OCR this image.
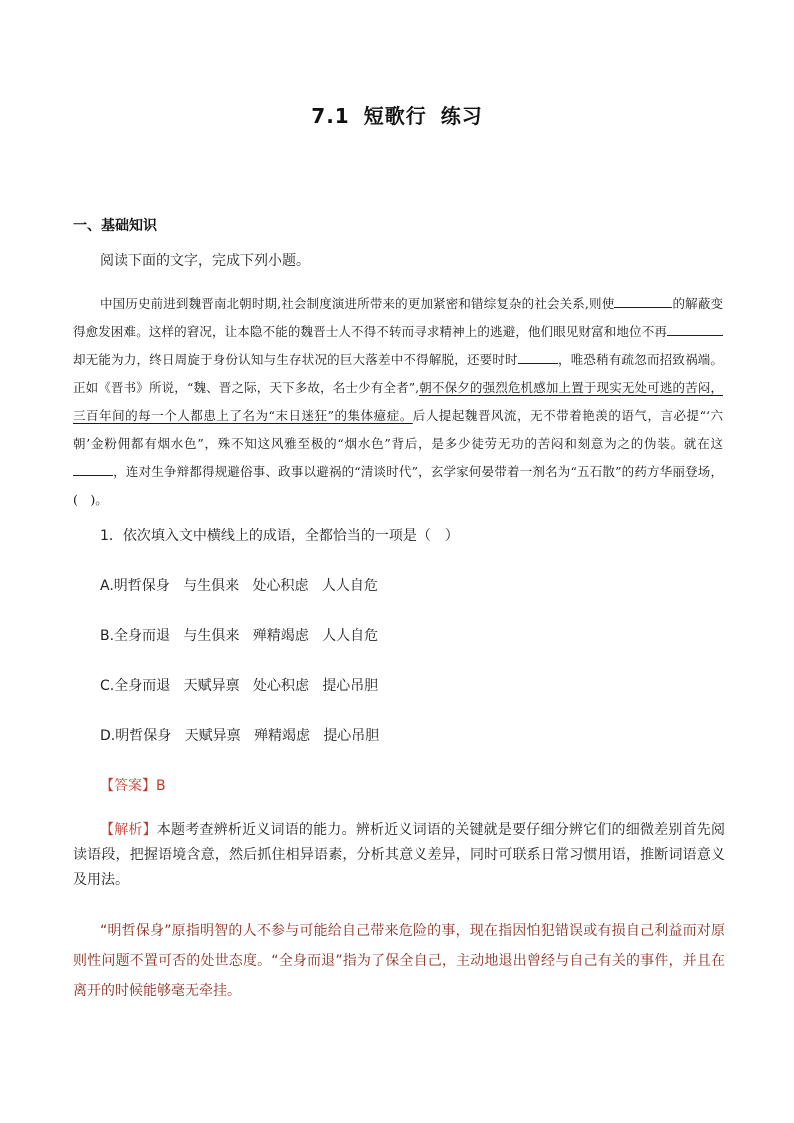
7.1 短歌行 练习
一、基础知识
阅读下面的文字，完成下列小题。
中国历史前进到魏晋南北朝时期,社会制度演进所带来的更加紧密和错综复杂的社会关系,则使	的解蔽变得愈发困难。这样的窘况，让本隐不能的魏晋士人不得不转而寻求精神上的逃避，他们眼见财富和地位不再却无能为力，终日周旋于身份认知与生存状况的巨大落差中不得解脱，还要时时	，唯恐稍有疏忽而招致祸端。正如《晋书》所说，“魏、晋之际，天下多故，名士少有全者”,朝不保夕的强烈危机感加上置于现实无处可逃的苦闷，三百年间的每一个人都患上了名为“末日迷狂”的集体癔症。后人提起魏晋风流，无不带着艳羡的语气，言必提“‘六朝’金粉佣都有烟水色”，殊不知这风雅至极的“烟水色”背后，是多少徒劳无功的苦闷和刻意为之的伪装。就在这，连对生争辩都得规避俗事、政事以避祸的“清谈时代”，玄学家何晏带着一剂名为“五石散”的药方华丽登场，(　)。
1．依次填入文中横线上的成语，全都恰当的一项是（　）
A.明哲保身 与生俱来 处心积虑 人人自危
B.全身而退 与生俱来 殚精竭虑 人人自危
C.全身而退 天赋异禀 处心积虑 提心吊胆
D.明哲保身 天赋异禀 殚精竭虑 提心吊胆
【答案】B
【解析】本题考查辨析近义词语的能力。辨析近义词语的关键就是要仔细分辨它们的细微差别首先阅读语段，把握语境含意，然后抓住相异语素，分析其意义差异，同时可联系日常习惯用语，推断词语意义及用法。
“明哲保身”原指明智的人不参与可能给自己带来危险的事，现在指因怕犯错误或有损自己利益而对原则性问题不置可否的处世态度。“全身而退”指为了保全自己，主动地退出曾经与自己有关的事件，并且在离开的时候能够毫无牵挂。
